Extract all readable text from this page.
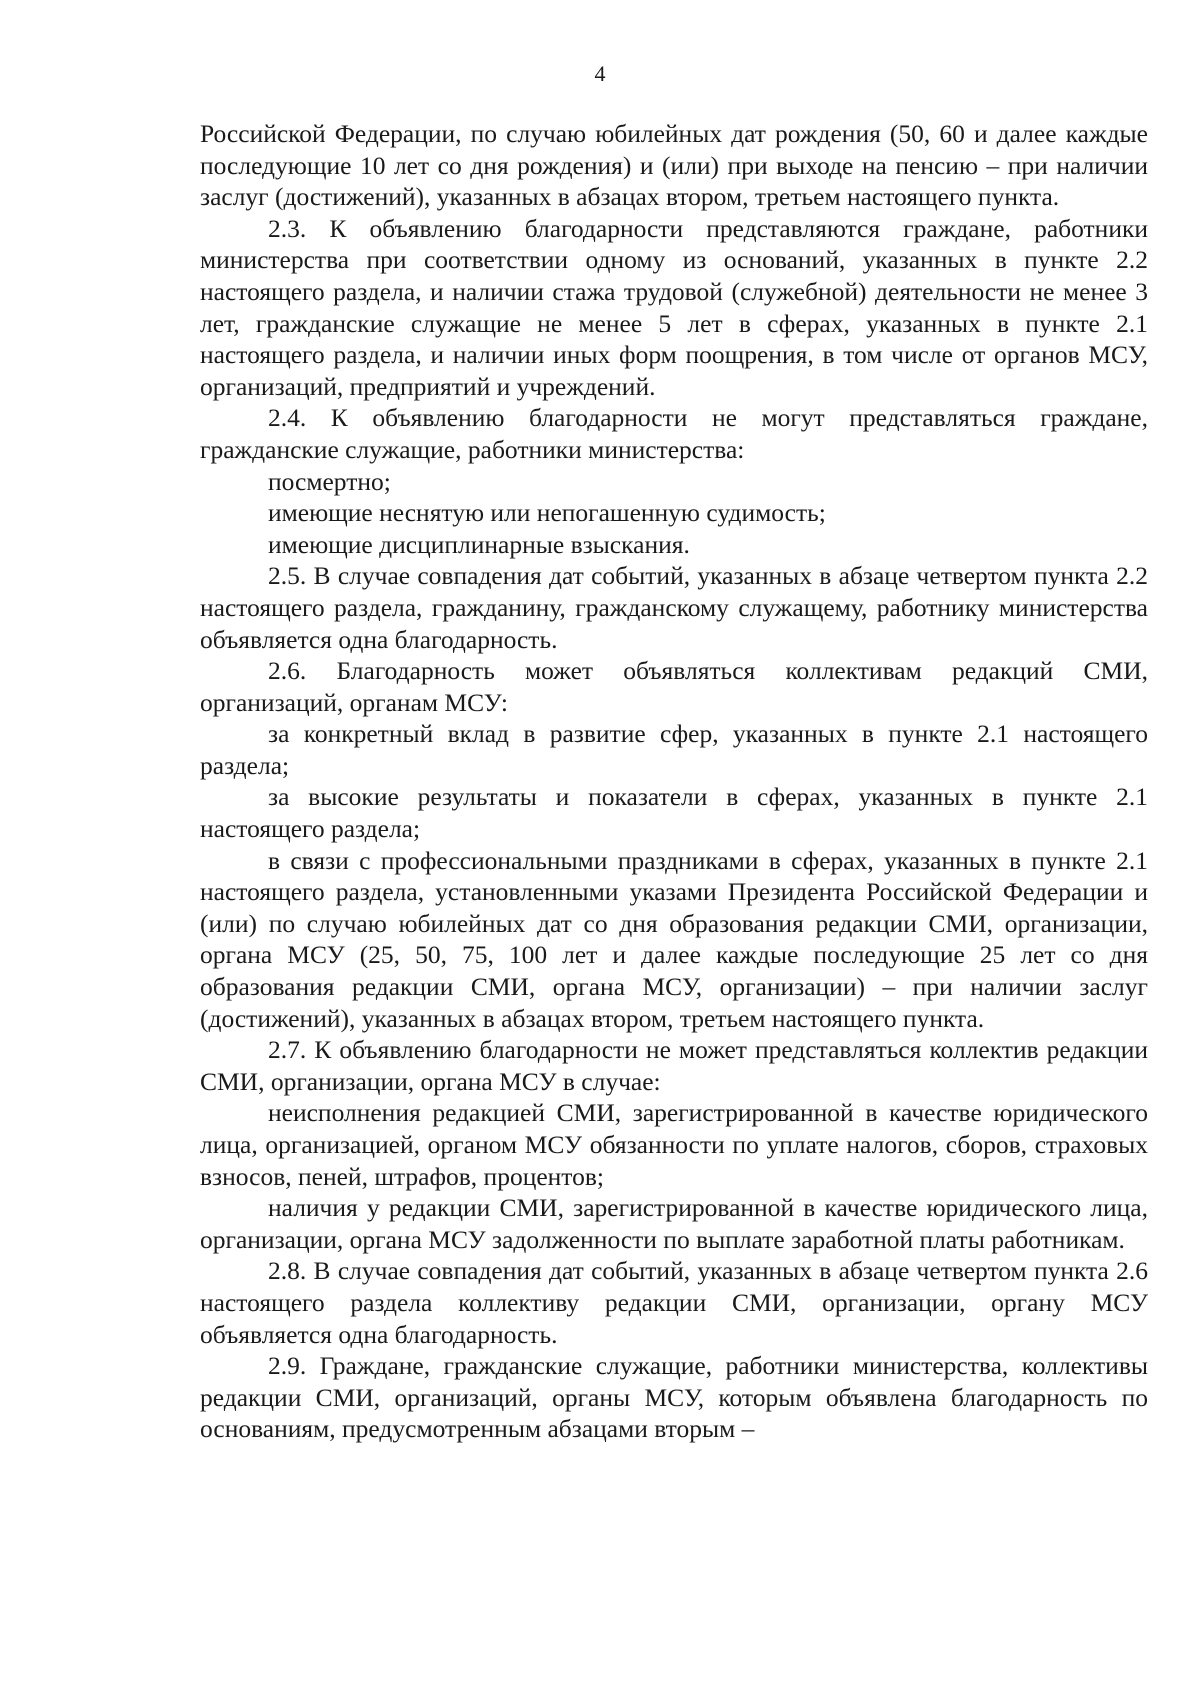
4

Российской Федерации, по случаю юбилейных дат рождения (50, 60 и далее каждые последующие 10 лет со дня рождения) и (или) при выходе на пенсию – при наличии заслуг (достижений), указанных в абзацах втором, третьем настоящего пункта.

2.3. К объявлению благодарности представляются граждане, работники министерства при соответствии одному из оснований, указанных в пункте 2.2 настоящего раздела, и наличии стажа трудовой (служебной) деятельности не менее 3 лет, гражданские служащие не менее 5 лет в сферах, указанных в пункте 2.1 настоящего раздела, и наличии иных форм поощрения, в том числе от органов МСУ, организаций, предприятий и учреждений.

2.4. К объявлению благодарности не могут представляться граждане, гражданские служащие, работники министерства:

посмертно;

имеющие неснятую или непогашенную судимость;

имеющие дисциплинарные взыскания.

2.5. В случае совпадения дат событий, указанных в абзаце четвертом пункта 2.2 настоящего раздела, гражданину, гражданскому служащему, работнику министерства объявляется одна благодарность.

2.6. Благодарность может объявляться коллективам редакций СМИ, организаций, органам МСУ:

за конкретный вклад в развитие сфер, указанных в пункте 2.1 настоящего раздела;

за высокие результаты и показатели в сферах, указанных в пункте 2.1 настоящего раздела;

в связи с профессиональными праздниками в сферах, указанных в пункте 2.1 настоящего раздела, установленными указами Президента Российской Федерации и (или) по случаю юбилейных дат со дня образования редакции СМИ, организации, органа МСУ (25, 50, 75, 100 лет и далее каждые последующие 25 лет со дня образования редакции СМИ, органа МСУ, организации) – при наличии заслуг (достижений), указанных в абзацах втором, третьем настоящего пункта.

2.7. К объявлению благодарности не может представляться коллектив редакции СМИ, организации, органа МСУ в случае:

неисполнения редакцией СМИ, зарегистрированной в качестве юридического лица, организацией, органом МСУ обязанности по уплате налогов, сборов, страховых взносов, пеней, штрафов, процентов;

наличия у редакции СМИ, зарегистрированной в качестве юридического лица, организации, органа МСУ задолженности по выплате заработной платы работникам.

2.8. В случае совпадения дат событий, указанных в абзаце четвертом пункта 2.6 настоящего раздела коллективу редакции СМИ, организации, органу МСУ объявляется одна благодарность.

2.9. Граждане, гражданские служащие, работники министерства, коллективы редакции СМИ, организаций, органы МСУ, которым объявлена благодарность по основаниям, предусмотренным абзацами вторым –
